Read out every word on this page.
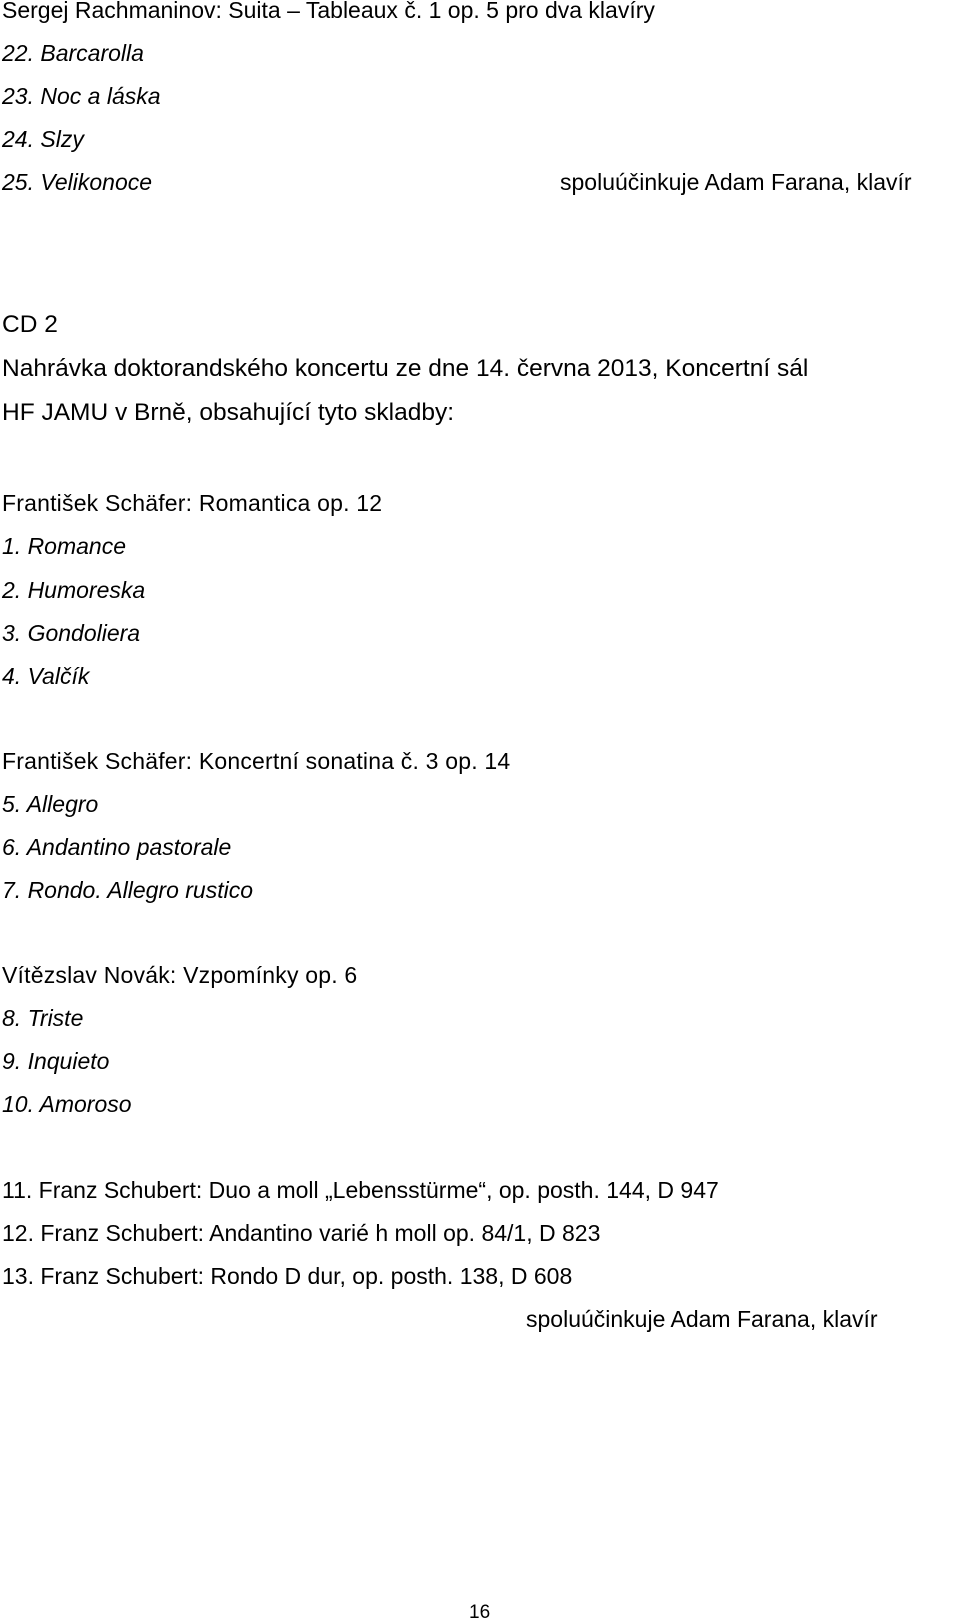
Sergej Rachmaninov: Suita – Tableaux č. 1 op. 5 pro dva klavíry
22. Barcarolla
23. Noc a láska
24. Slzy
25. Velikonoce	spoluúčinkuje Adam Farana, klavír
CD 2
Nahrávka doktorandského koncertu ze dne 14. června 2013, Koncertní sál
HF JAMU v Brně, obsahující tyto skladby:
František Schäfer: Romantica op. 12
1. Romance
2. Humoreska
3. Gondoliera
4. Valčík
František Schäfer: Koncertní sonatina č. 3 op. 14
5. Allegro
6. Andantino pastorale
7. Rondo. Allegro rustico
Vítězslav Novák: Vzpomínky op. 6
8. Triste
9. Inquieto
10. Amoroso
11. Franz Schubert: Duo a moll „Lebensstürme“, op. posth. 144, D 947
12. Franz Schubert: Andantino varié h moll op. 84/1, D 823
13. Franz Schubert: Rondo D dur, op. posth. 138, D 608
spoluúčinkuje Adam Farana, klavír
16
